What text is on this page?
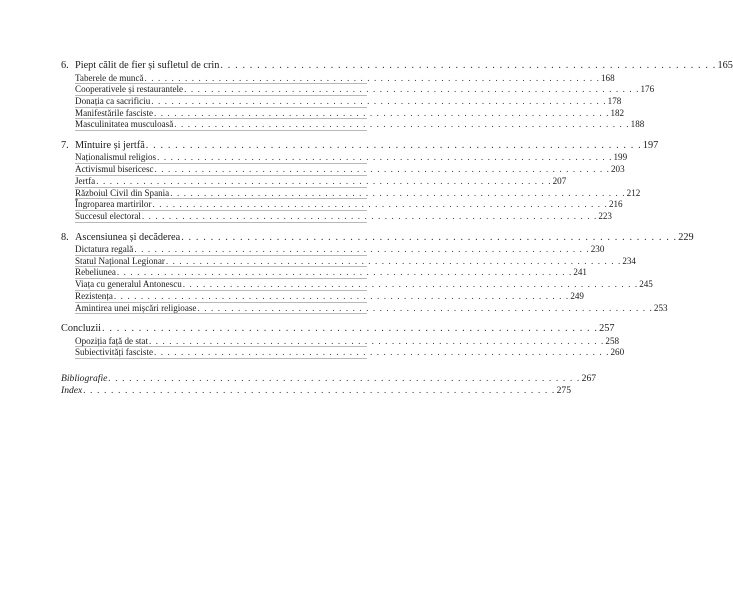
6. Piept călit de fier și sufletul de crin . . . . . . . . . . . . . . . . . . . . . . . . . . . . . . . . . . . . . . . . . . . . . . . . . . . . . . . . . . . . . . . . . . . . 165
Taberele de muncă . . . . . . . . . . . . . . . . . . . . . . . . . . . . . . . . . . . . . . . . . . . . . . . . . . . . . . . . . . . . . . . . . . . . 168
Cooperativele și restaurantele . . . . . . . . . . . . . . . . . . . . . . . . . . . . . . . . . . . . . . . . . . . . . . . . . . . . . . . . . . . . . . . . . . . . 176
Donația ca sacrificiu . . . . . . . . . . . . . . . . . . . . . . . . . . . . . . . . . . . . . . . . . . . . . . . . . . . . . . . . . . . . . . . . . . . . 178
Manifestările fasciste . . . . . . . . . . . . . . . . . . . . . . . . . . . . . . . . . . . . . . . . . . . . . . . . . . . . . . . . . . . . . . . . . . . . 182
Masculinitatea musculoasă . . . . . . . . . . . . . . . . . . . . . . . . . . . . . . . . . . . . . . . . . . . . . . . . . . . . . . . . . . . . . . . . . . . . 188
7. Mîntuire și jertfă . . . . . . . . . . . . . . . . . . . . . . . . . . . . . . . . . . . . . . . . . . . . . . . . . . . . . . . . . . . . . . . . . . . . 197
Naționalismul religios . . . . . . . . . . . . . . . . . . . . . . . . . . . . . . . . . . . . . . . . . . . . . . . . . . . . . . . . . . . . . . . . . . . . 199
Activismul bisericesc . . . . . . . . . . . . . . . . . . . . . . . . . . . . . . . . . . . . . . . . . . . . . . . . . . . . . . . . . . . . . . . . . . . . 203
Jertfa . . . . . . . . . . . . . . . . . . . . . . . . . . . . . . . . . . . . . . . . . . . . . . . . . . . . . . . . . . . . . . . . . . . . 207
Războiul Civil din Spania . . . . . . . . . . . . . . . . . . . . . . . . . . . . . . . . . . . . . . . . . . . . . . . . . . . . . . . . . . . . . . . . . . . . 212
Îngroparea martirilor . . . . . . . . . . . . . . . . . . . . . . . . . . . . . . . . . . . . . . . . . . . . . . . . . . . . . . . . . . . . . . . . . . . . 216
Succesul electoral . . . . . . . . . . . . . . . . . . . . . . . . . . . . . . . . . . . . . . . . . . . . . . . . . . . . . . . . . . . . . . . . . . . . 223
8. Ascensiunea și decăderea . . . . . . . . . . . . . . . . . . . . . . . . . . . . . . . . . . . . . . . . . . . . . . . . . . . . . . . . . . . . . . . . . . . . 229
Dictatura regală . . . . . . . . . . . . . . . . . . . . . . . . . . . . . . . . . . . . . . . . . . . . . . . . . . . . . . . . . . . . . . . . . . . . 230
Statul Național Legionar . . . . . . . . . . . . . . . . . . . . . . . . . . . . . . . . . . . . . . . . . . . . . . . . . . . . . . . . . . . . . . . . . . . . 234
Rebeliunea . . . . . . . . . . . . . . . . . . . . . . . . . . . . . . . . . . . . . . . . . . . . . . . . . . . . . . . . . . . . . . . . . . . . 241
Viața cu generalul Antonescu . . . . . . . . . . . . . . . . . . . . . . . . . . . . . . . . . . . . . . . . . . . . . . . . . . . . . . . . . . . . . . . . . . . . 245
Rezistența . . . . . . . . . . . . . . . . . . . . . . . . . . . . . . . . . . . . . . . . . . . . . . . . . . . . . . . . . . . . . . . . . . . . 249
Amintirea unei mișcări religioase . . . . . . . . . . . . . . . . . . . . . . . . . . . . . . . . . . . . . . . . . . . . . . . . . . . . . . . . . . . . . . . . . . . . 253
Concluzii . . . . . . . . . . . . . . . . . . . . . . . . . . . . . . . . . . . . . . . . . . . . . . . . . . . . . . . . . . . . . . . . . . . . 257
Opoziția față de stat . . . . . . . . . . . . . . . . . . . . . . . . . . . . . . . . . . . . . . . . . . . . . . . . . . . . . . . . . . . . . . . . . . . . 258
Subiectivități fasciste . . . . . . . . . . . . . . . . . . . . . . . . . . . . . . . . . . . . . . . . . . . . . . . . . . . . . . . . . . . . . . . . . . . . 260
Bibliografie . . . . . . . . . . . . . . . . . . . . . . . . . . . . . . . . . . . . . . . . . . . . . . . . . . . . . . . . . . . . . . . . . . . . 267
Index . . . . . . . . . . . . . . . . . . . . . . . . . . . . . . . . . . . . . . . . . . . . . . . . . . . . . . . . . . . . . . . . . . . . 275
